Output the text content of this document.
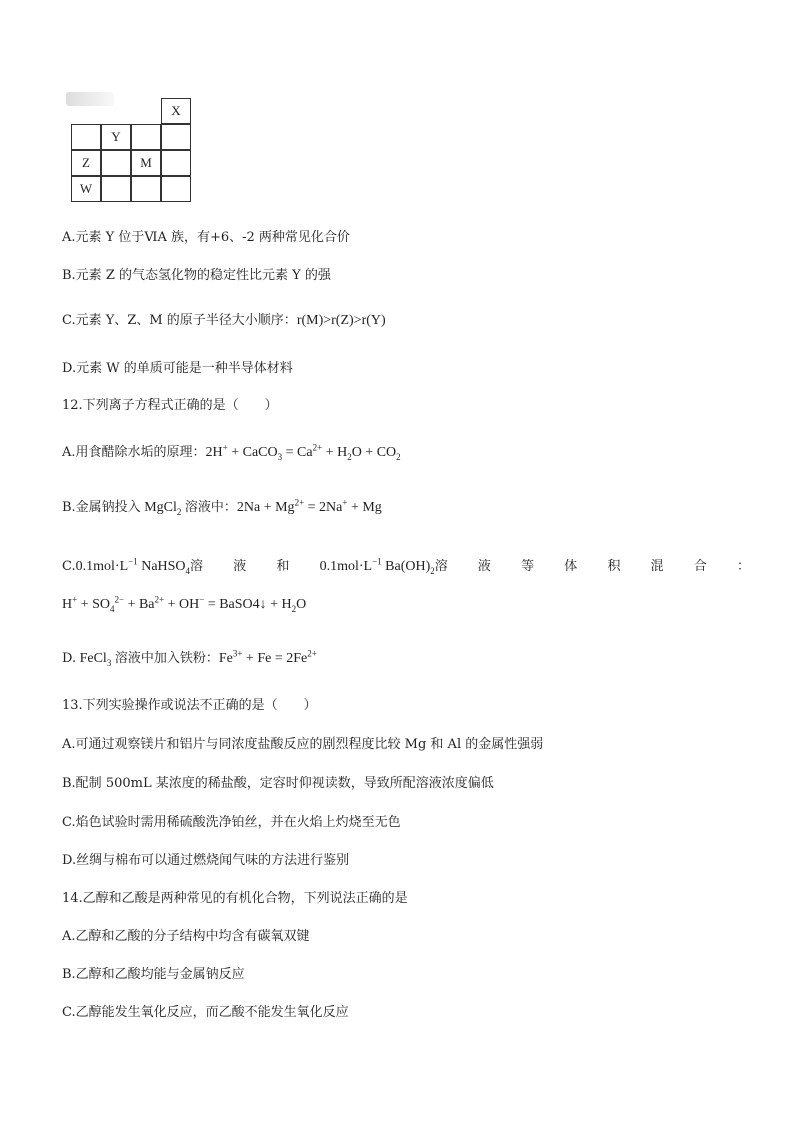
X
Y
Z	M
W
A.元素 Y 位于ⅥA 族，有+6、-2 两种常见化合价
B.元素 Z 的气态氢化物的稳定性比元素 Y 的强
C.元素 Y、Z、M 的原子半径大小顺序：r(M)>r(Z)>r(Y)
D.元素 W 的单质可能是一种半导体材料
12.下列离子方程式正确的是（　　）
A.用食醋除水垢的原理：2H+ + CaCO$_3$ = $Ca^{2+} + H_2O + CO_2$
B.金属钠投入 MgCl$_2$ 溶液中：$2Na + Mg^{2+} = 2Na^+ + Mg$
$C.0.1mol\cdot L^{-1}$ NaHSO$_4$溶 液 和 $0.1mol\cdot L^{-1}$ $Ba(OH)_2$溶 液 等 体 积 混 合 ：
$H^+ + SO_4^{2-} + Ba^{2+} + OH^-$ = BaSO4↓ + $H_2O$
D. FeCl$_3$ 溶液中加入铁粉：$Fe^{3+} + Fe = 2Fe^{2+}$
13.下列实验操作或说法不正确的是（　　）
A.可通过观察镁片和铝片与同浓度盐酸反应的剧烈程度比较 Mg 和 Al 的金属性强弱
B.配制 500mL 某浓度的稀盐酸，定容时仰视读数，导致所配溶液浓度偏低
C.焰色试验时需用稀硫酸洗净铂丝，并在火焰上灼烧至无色
D.丝绸与棉布可以通过燃烧闻气味的方法进行鉴别
14.乙醇和乙酸是两种常见的有机化合物，下列说法正确的是
A.乙醇和乙酸的分子结构中均含有碳氧双键
B.乙醇和乙酸均能与金属钠反应
C.乙醇能发生氧化反应，而乙酸不能发生氧化反应
